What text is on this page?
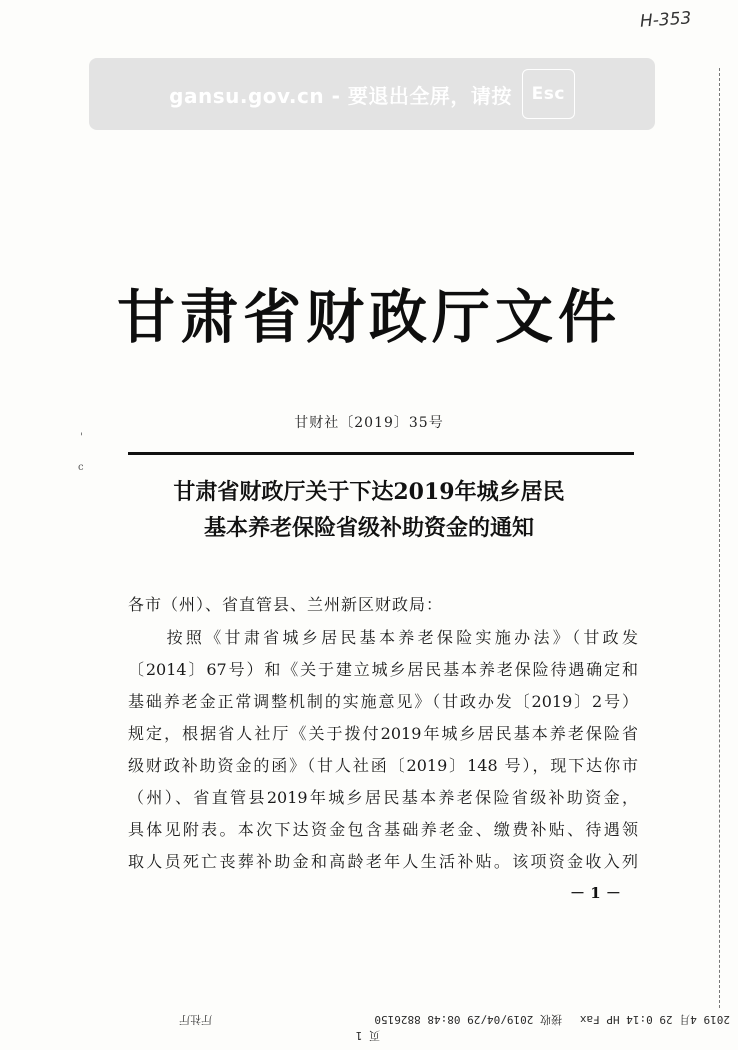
H-353
'
c
gansu.gov.cn - 要退出全屏，请按	Esc
甘肃省财政厅文件
甘财社〔2019〕35号
甘肃省财政厅关于下达2019年城乡居民
基本养老保险省级补助资金的通知
各市（州）、省直管县、兰州新区财政局：
　　按照《甘肃省城乡居民基本养老保险实施办法》（甘政发
〔2014〕67号）和《关于建立城乡居民基本养老保险待遇确定和
基础养老金正常调整机制的实施意见》（甘政办发〔2019〕2号）
规定，根据省人社厅《关于拨付2019年城乡居民基本养老保险省
级财政补助资金的函》（甘人社函〔2019〕148 号），现下达你市
（州）、省直管县2019年城乡居民基本养老保险省级补助资金，
具体见附表。本次下达资金包含基础养老金、缴费补贴、待遇领
取人员死亡丧葬补助金和高龄老年人生活补贴。该项资金收入列
－ 1 －
2019 4月 29 0:14 HP Fax
接收 2019/04/29 08:48 8826150
页 1
厅社厅
